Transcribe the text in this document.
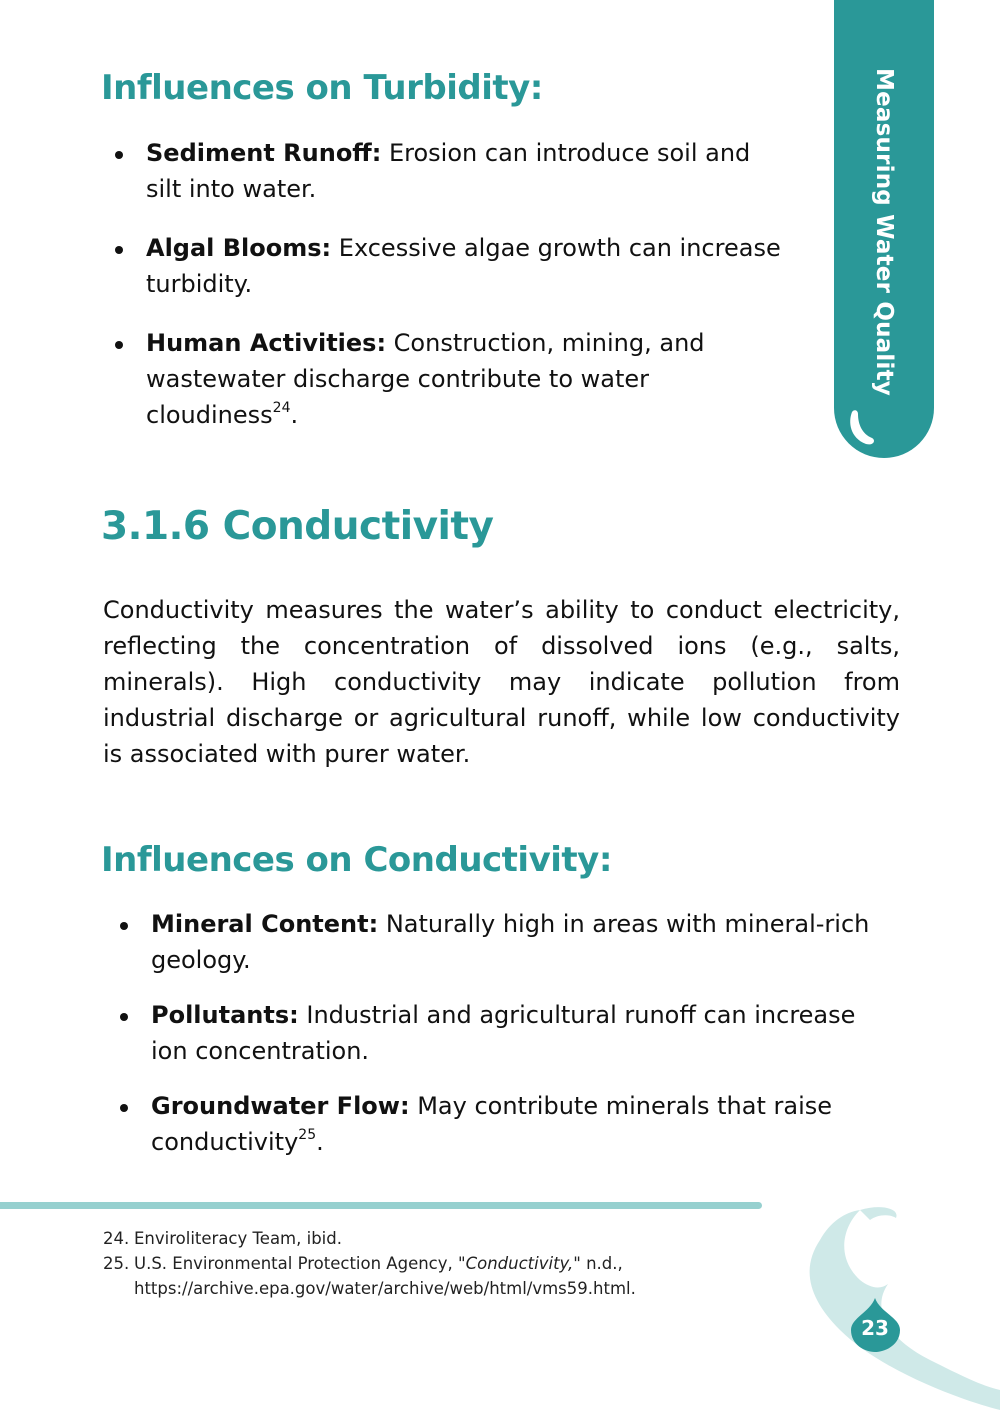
Measuring Water Quality
Influences on Turbidity:
Sediment Runoff: Erosion can introduce soil and silt into water.
Algal Blooms: Excessive algae growth can increase turbidity.
Human Activities: Construction, mining, and wastewater discharge contribute to water cloudiness$^{24}$.
3.1.6 Conductivity

Conductivity measures the water’s ability to conduct electricity, reflecting the concentration of dissolved ions (e.g., salts, minerals). High conductivity may indicate pollution from industrial discharge or agricultural runoff, while low conductivity is associated with purer water.

Influences on Conductivity:
Mineral Content: Naturally high in areas with mineral-rich geology.
Pollutants: Industrial and agricultural runoff can increase ion concentration.
Groundwater Flow: May contribute minerals that raise conductivity$^{25}$.
24. Enviroliteracy Team, ibid.
25. U.S. Environmental Protection Agency, "Conductivity," n.d., https://archive.epa.gov/water/archive/web/html/vms59.html.
23
